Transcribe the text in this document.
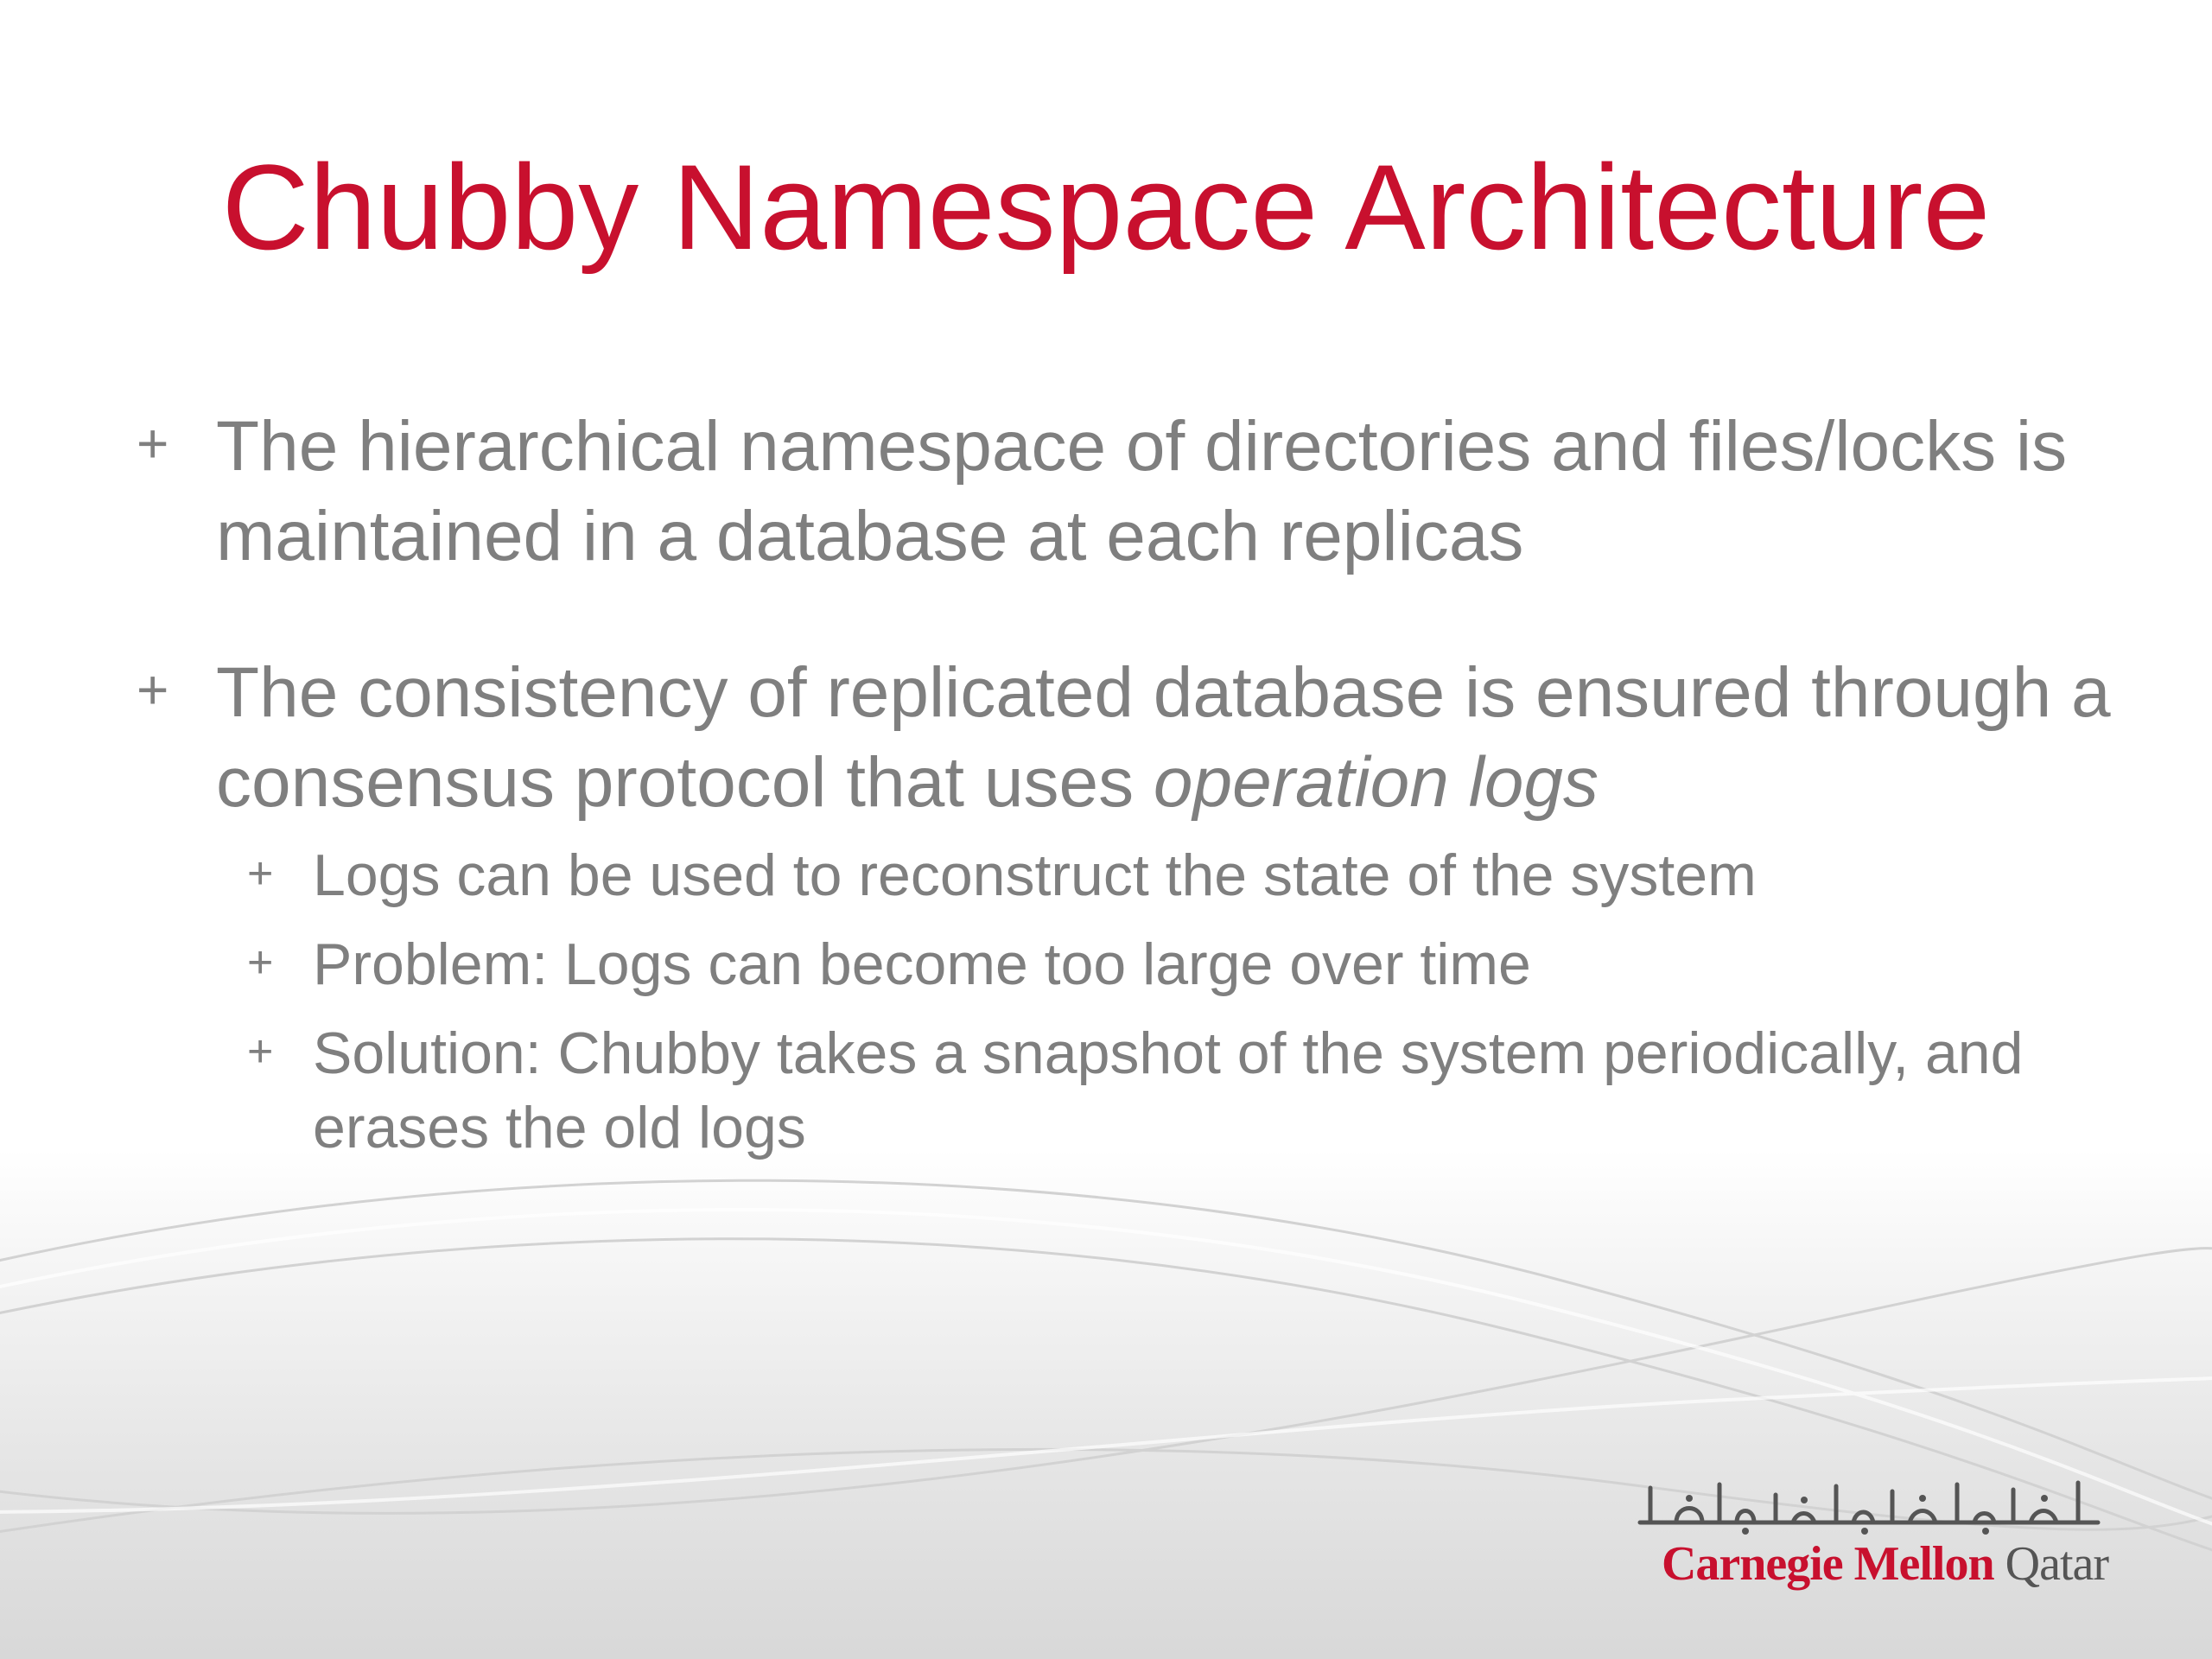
Chubby Namespace Architecture
+ The hierarchical namespace of directories and files/locks is maintained in a database at each replicas
+ The consistency of replicated database is ensured through a consensus protocol that uses operation logs
+ Logs can be used to reconstruct the state of the system
+ Problem: Logs can become too large over time
+ Solution: Chubby takes a snapshot of the system periodically, and erases the old logs
Carnegie Mellon Qatar
